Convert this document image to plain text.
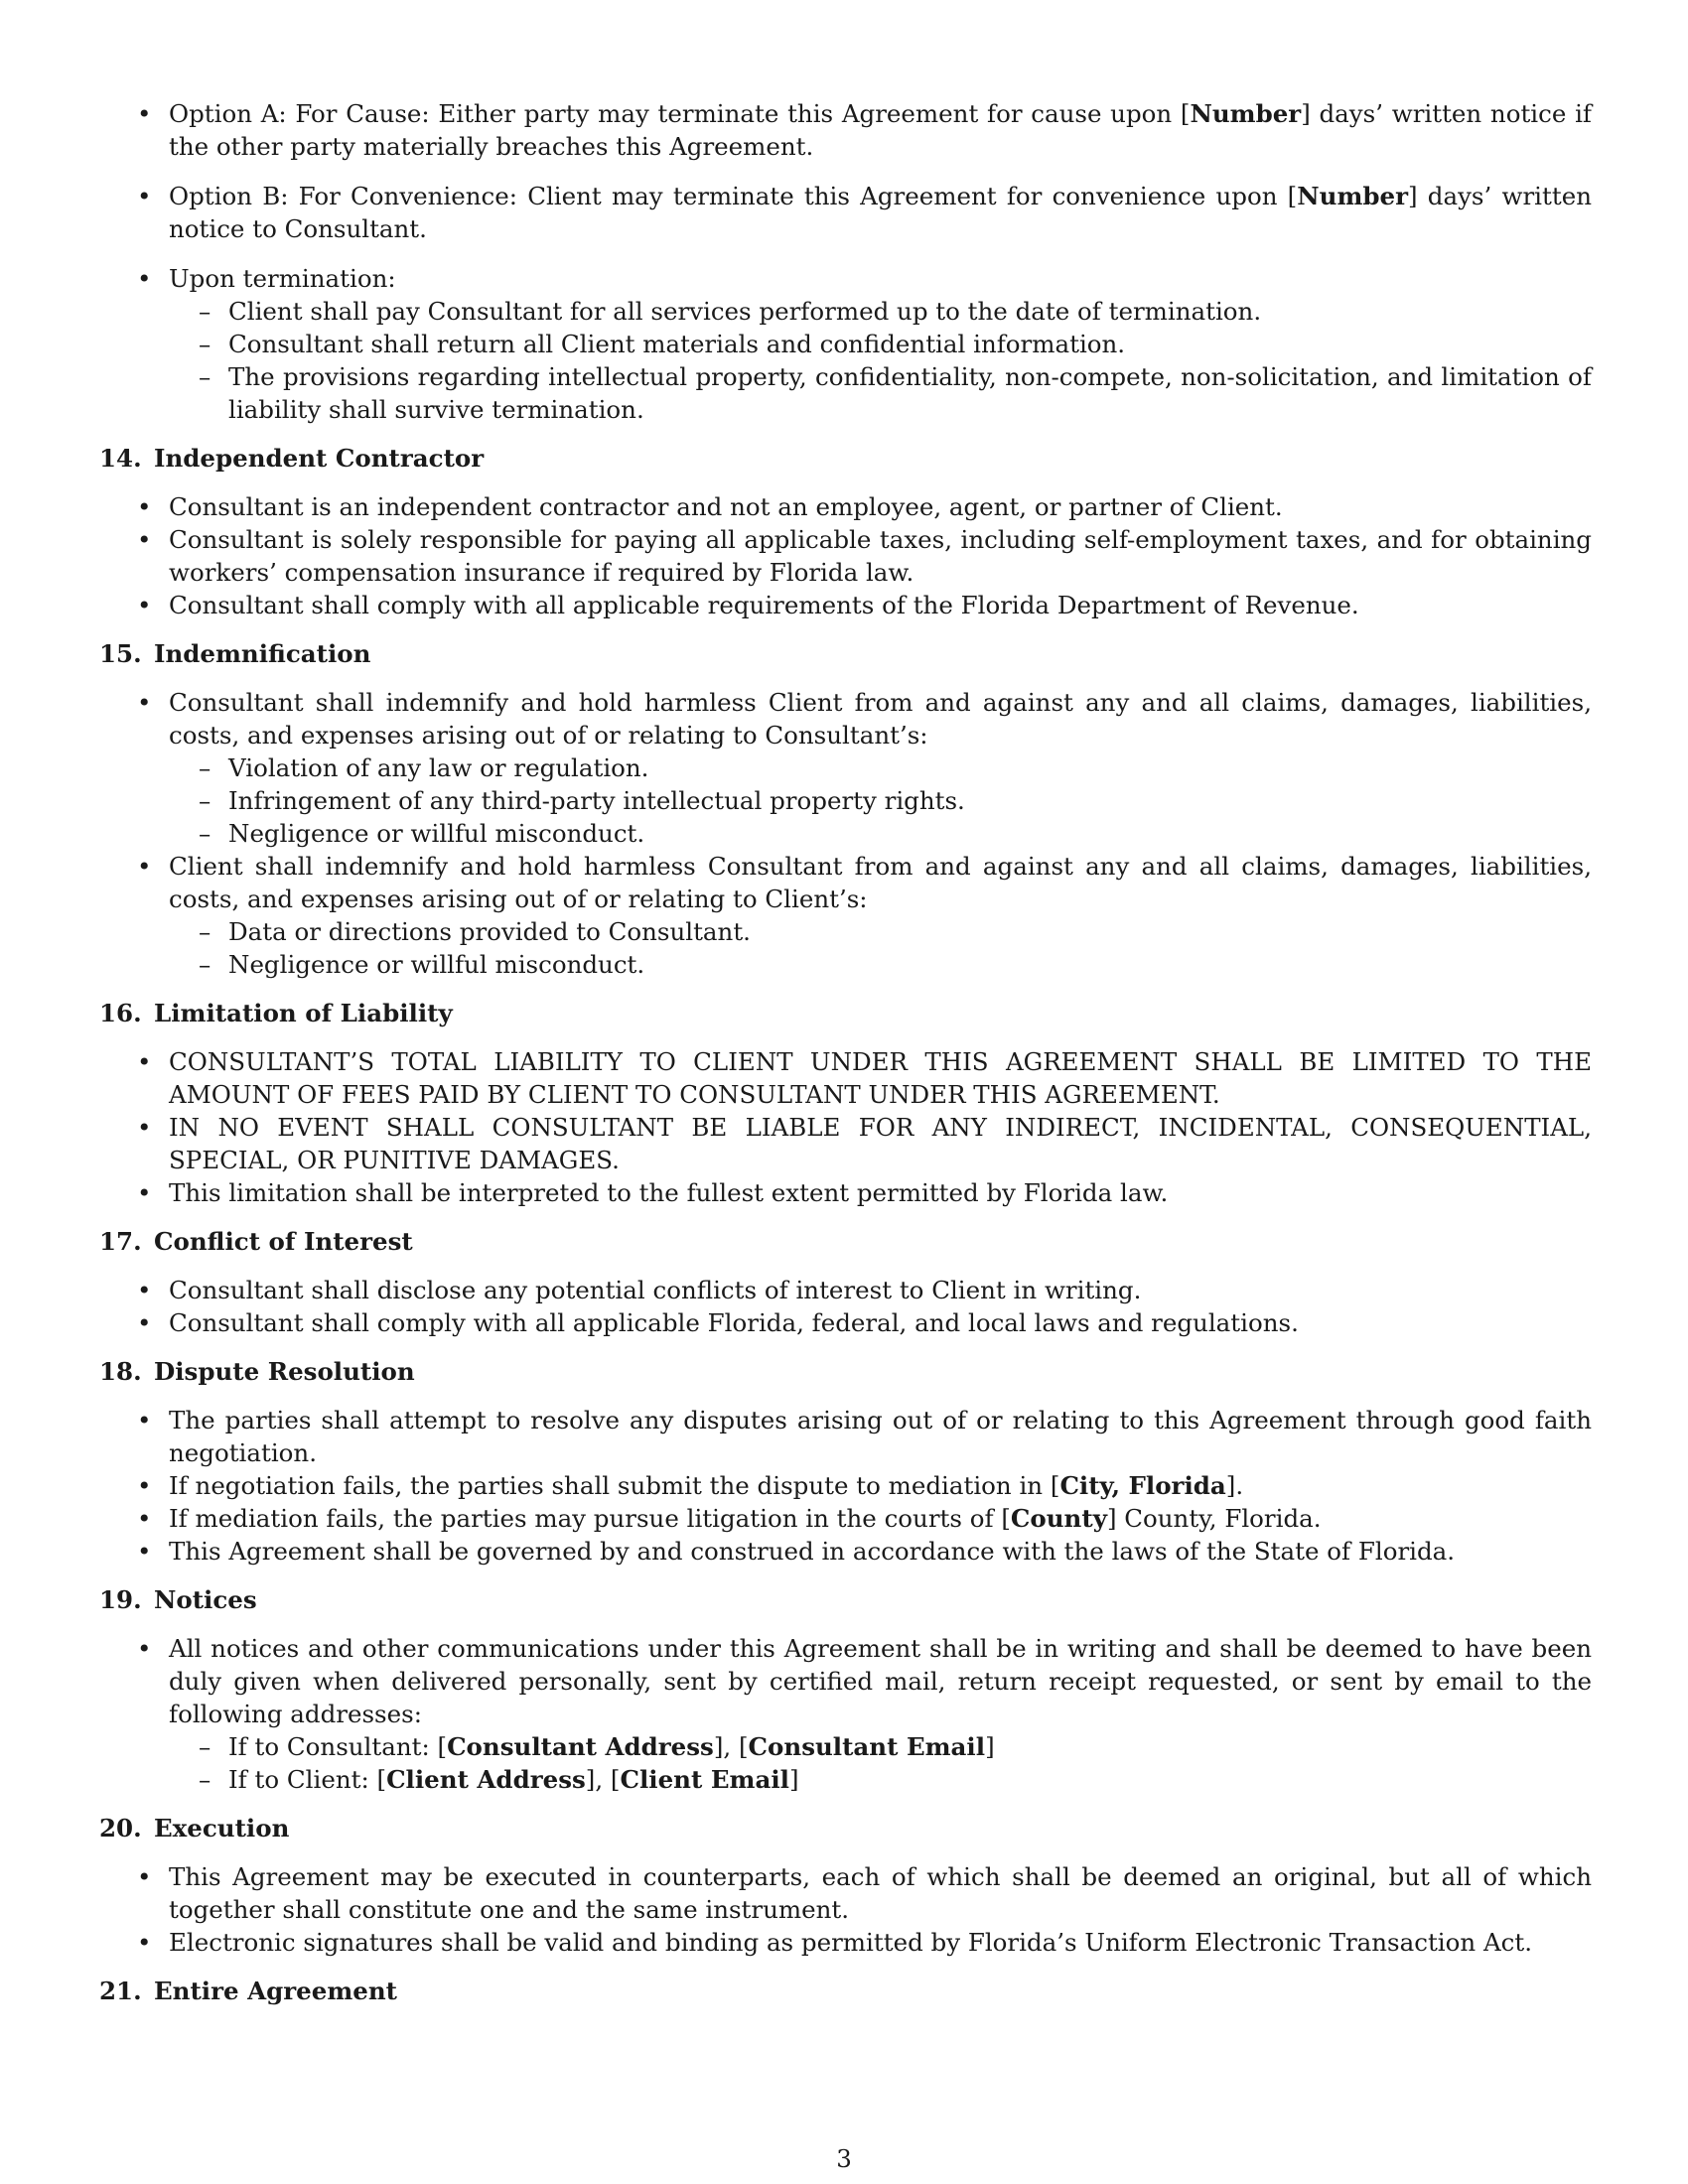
• Option A: For Cause: Either party may terminate this Agreement for cause upon [Number] days’ written notice if the other party materially breaches this Agreement.
• Option B: For Convenience: Client may terminate this Agreement for convenience upon [Number] days’ written notice to Consultant.
• Upon termination:
– Client shall pay Consultant for all services performed up to the date of termination.
– Consultant shall return all Client materials and confidential information.
– The provisions regarding intellectual property, confidentiality, non-compete, non-solicitation, and limitation of liability shall survive termination.
14. Independent Contractor
• Consultant is an independent contractor and not an employee, agent, or partner of Client.
• Consultant is solely responsible for paying all applicable taxes, including self-employment taxes, and for obtaining workers’ compensation insurance if required by Florida law.
• Consultant shall comply with all applicable requirements of the Florida Department of Revenue.
15. Indemnification
• Consultant shall indemnify and hold harmless Client from and against any and all claims, damages, liabilities, costs, and expenses arising out of or relating to Consultant’s:
– Violation of any law or regulation.
– Infringement of any third-party intellectual property rights.
– Negligence or willful misconduct.
• Client shall indemnify and hold harmless Consultant from and against any and all claims, damages, liabilities, costs, and expenses arising out of or relating to Client’s:
– Data or directions provided to Consultant.
– Negligence or willful misconduct.
16. Limitation of Liability
• CONSULTANT’S TOTAL LIABILITY TO CLIENT UNDER THIS AGREEMENT SHALL BE LIMITED TO THE AMOUNT OF FEES PAID BY CLIENT TO CONSULTANT UNDER THIS AGREEMENT.
• IN NO EVENT SHALL CONSULTANT BE LIABLE FOR ANY INDIRECT, INCIDENTAL, CONSEQUENTIAL, SPECIAL, OR PUNITIVE DAMAGES.
• This limitation shall be interpreted to the fullest extent permitted by Florida law.
17. Conflict of Interest
• Consultant shall disclose any potential conflicts of interest to Client in writing.
• Consultant shall comply with all applicable Florida, federal, and local laws and regulations.
18. Dispute Resolution
• The parties shall attempt to resolve any disputes arising out of or relating to this Agreement through good faith negotiation.
• If negotiation fails, the parties shall submit the dispute to mediation in [City, Florida].
• If mediation fails, the parties may pursue litigation in the courts of [County] County, Florida.
• This Agreement shall be governed by and construed in accordance with the laws of the State of Florida.
19. Notices
• All notices and other communications under this Agreement shall be in writing and shall be deemed to have been duly given when delivered personally, sent by certified mail, return receipt requested, or sent by email to the following addresses:
– If to Consultant: [Consultant Address], [Consultant Email]
– If to Client: [Client Address], [Client Email]
20. Execution
• This Agreement may be executed in counterparts, each of which shall be deemed an original, but all of which together shall constitute one and the same instrument.
• Electronic signatures shall be valid and binding as permitted by Florida’s Uniform Electronic Transaction Act.
21. Entire Agreement
3
